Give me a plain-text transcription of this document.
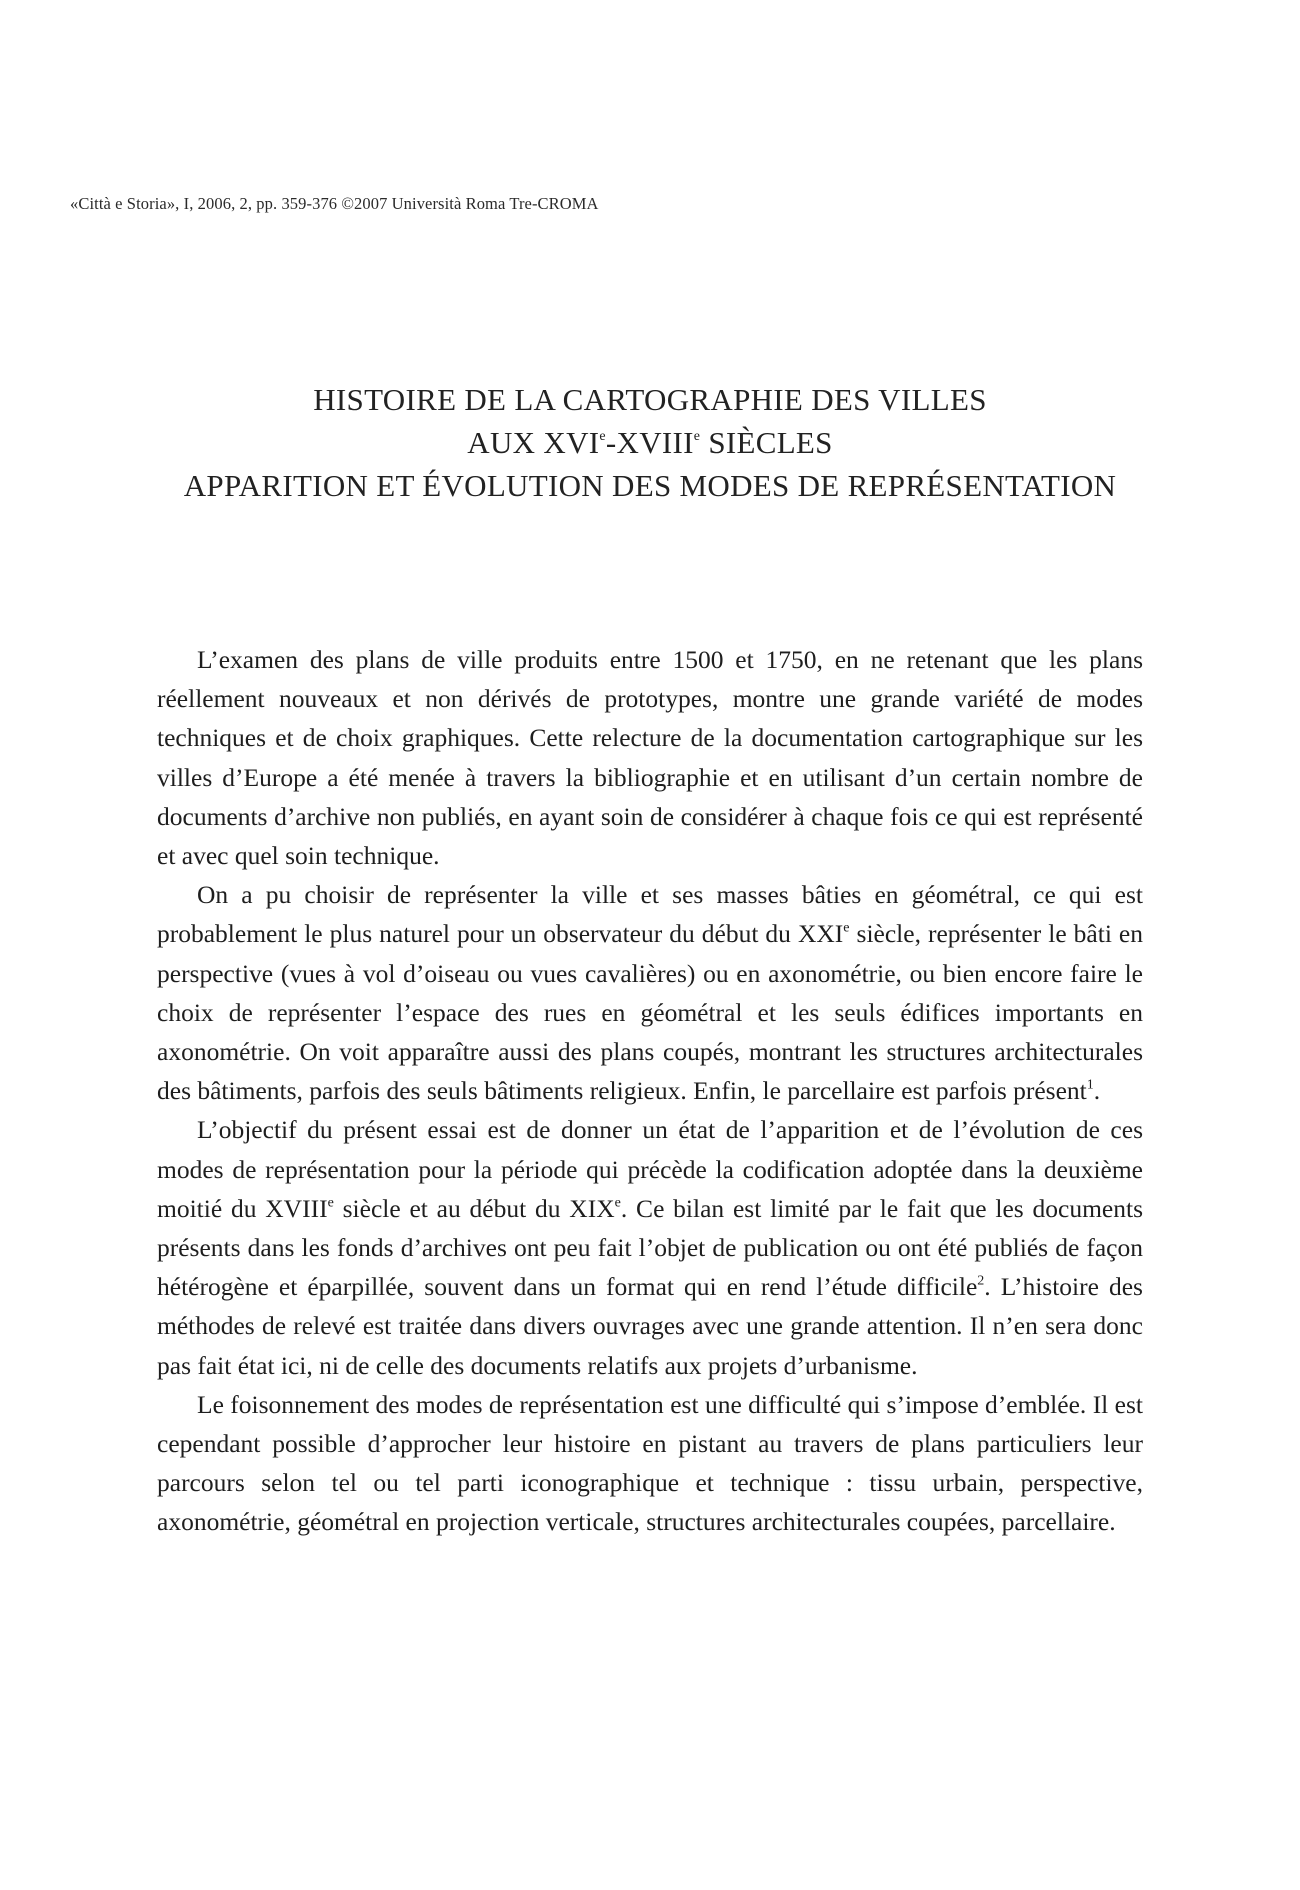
«Città e Storia», I, 2006, 2, pp. 359-376 ©2007 Università Roma Tre-CROMA
HISTOIRE DE LA CARTOGRAPHIE DES VILLES
AUX XVIe-XVIIIe SIÈCLES
APPARITION ET ÉVOLUTION DES MODES DE REPRÉSENTATION

L’examen des plans de ville produits entre 1500 et 1750, en ne retenant que les plans réellement nouveaux et non dérivés de prototypes, montre une grande variété de modes techniques et de choix graphiques. Cette relecture de la documentation cartographique sur les villes d’Europe a été menée à travers la bibliographie et en utilisant d’un certain nombre de documents d’archive non publiés, en ayant soin de considérer à chaque fois ce qui est représenté et avec quel soin technique.

On a pu choisir de représenter la ville et ses masses bâties en géométral, ce qui est probablement le plus naturel pour un observateur du début du XXIe siècle, représenter le bâti en perspective (vues à vol d’oiseau ou vues cavalières) ou en axonométrie, ou bien encore faire le choix de représenter l’espace des rues en géométral et les seuls édifices importants en axonométrie. On voit apparaître aussi des plans coupés, montrant les structures architecturales des bâtiments, parfois des seuls bâtiments religieux. Enfin, le parcellaire est parfois présent$^1$.

L’objectif du présent essai est de donner un état de l’apparition et de l’évolution de ces modes de représentation pour la période qui précède la codification adoptée dans la deuxième moitié du XVIIIe siècle et au début du XIXe. Ce bilan est limité par le fait que les documents présents dans les fonds d’archives ont peu fait l’objet de publication ou ont été publiés de façon hétérogène et éparpillée, souvent dans un format qui en rend l’étude difficile$^2$. L’histoire des méthodes de relevé est traitée dans divers ouvrages avec une grande attention. Il n’en sera donc pas fait état ici, ni de celle des documents relatifs aux projets d’urbanisme.

Le foisonnement des modes de représentation est une difficulté qui s’impose d’emblée. Il est cependant possible d’approcher leur histoire en pistant au travers de plans particuliers leur parcours selon tel ou tel parti iconographique et technique : tissu urbain, perspective, axonométrie, géométral en projection verticale, structures architecturales coupées, parcellaire.
